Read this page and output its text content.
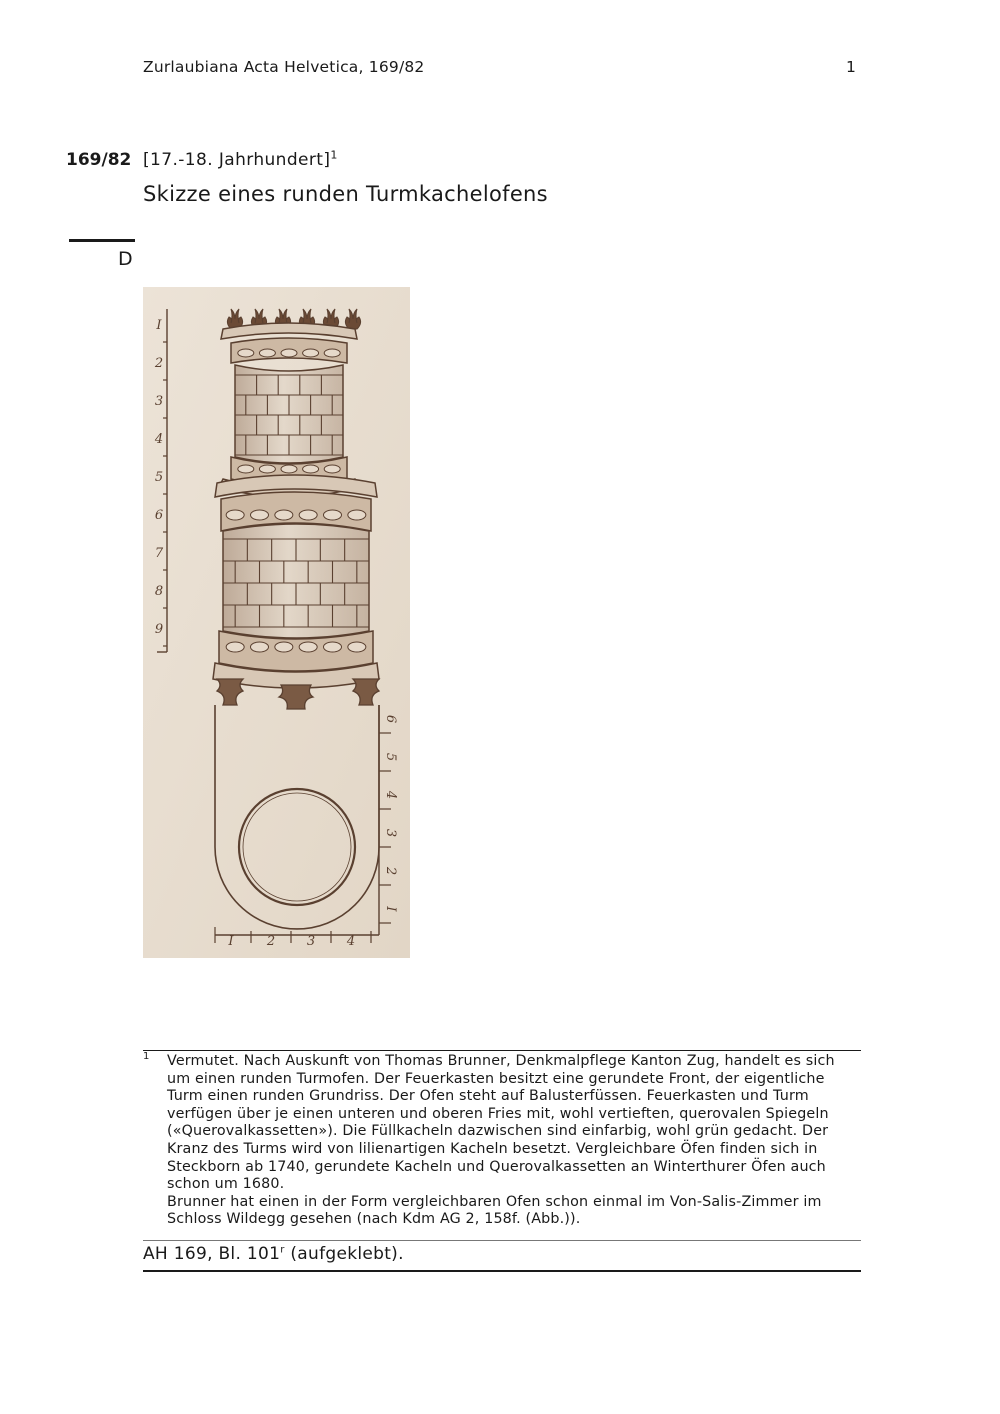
Zurlaubiana Acta Helvetica, 169/82	1
169/82 [17.-18. Jahrhundert]$^1$
Skizze eines runden Turmkachelofens
D
I
2
3
4
5
6
7
8
9
6
5
4
3
2
I
I	2 3 4
1 Vermutet. Nach Auskunft von Thomas Brunner, Denkmalpflege Kanton Zug, handelt es sich um einen runden Turmofen. Der Feuerkasten besitzt eine gerundete Front, der eigentliche Turm einen runden Grundriss. Der Ofen steht auf Balusterfüssen. Feuerkasten und Turm verfügen über je einen unteren und oberen Fries mit, wohl vertieften, querovalen Spiegeln («Querovalkassetten»). Die Füllkacheln dazwischen sind einfarbig, wohl grün gedacht. Der Kranz des Turms wird von lilienartigen Kacheln besetzt. Vergleichbare Öfen finden sich in Steckborn ab 1740, gerundete Kacheln und Querovalkassetten an Winterthurer Öfen auch schon um 1680.

Brunner hat einen in der Form vergleichbaren Ofen schon einmal im Von-Salis-Zimmer im Schloss Wildegg gesehen (nach Kdm AG 2, 158f. (Abb.)).

AH 169, Bl. 101$^r$ (aufgeklebt).
